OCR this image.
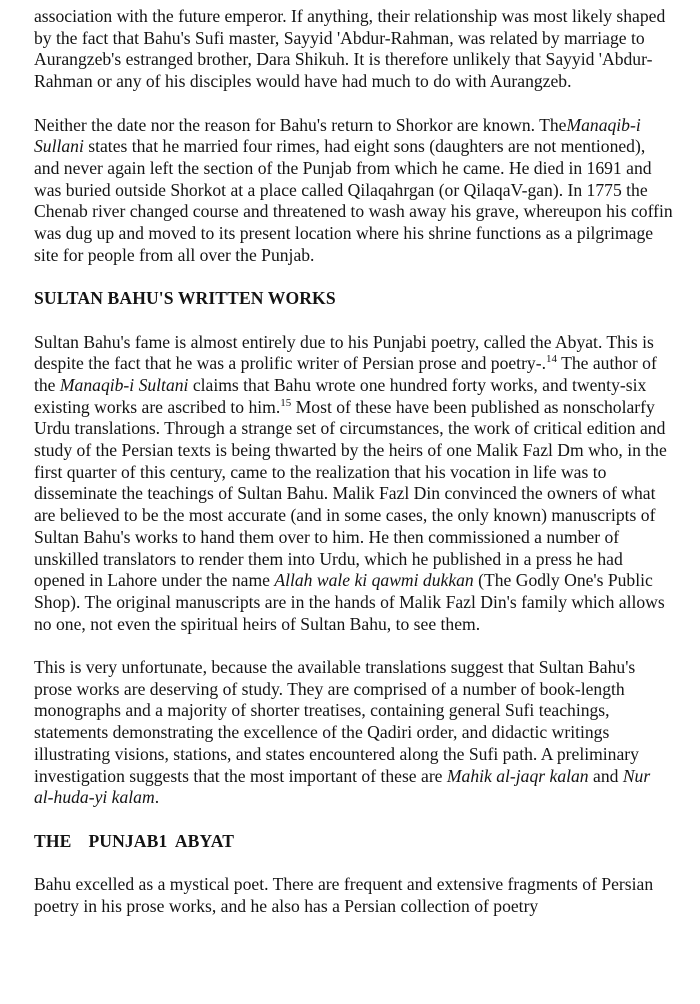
association with the future emperor. If anything, their relationship was most likely shaped by the fact that Bahu's Sufi master, Sayyid 'Abdur-Rahman, was related by marriage to Aurangzeb's estranged brother, Dara Shikuh. It is therefore unlikely that Sayyid 'Abdur-Rahman or any of his disciples would have had much to do with Aurangzeb.

Neither the date nor the reason for Bahu's return to Shorkor are known. TheManaqib-i Sullani states that he married four rimes, had eight sons (daughters are not mentioned), and never again left the section of the Punjab from which he came. He died in 1691 and was buried outside Shorkot at a place called Qilaqahrgan (or QilaqaV-gan). In 1775 the Chenab river changed course and threatened to wash away his grave, whereupon his coffin was dug up and moved to its present location where his shrine functions as a pilgrimage site for people from all over the Punjab.

SULTAN BAHU'S WRITTEN WORKS

Sultan Bahu's fame is almost entirely due to his Punjabi poetry, called the Abyat. This is despite the fact that he was a prolific writer of Persian prose and poetry-.$^{14}$ The author of the Manaqib-i Sultani claims that Bahu wrote one hundred forty works, and twenty-six existing works are ascribed to him.$^{15}$ Most of these have been published as nonscholarfy Urdu translations. Through a strange set of circumstances, the work of critical edition and study of the Persian texts is being thwarted by the heirs of one Malik Fazl Dm who, in the first quarter of this century, came to the realization that his vocation in life was to disseminate the teachings of Sultan Bahu. Malik Fazl Din convinced the owners of what are believed to be the most accurate (and in some cases, the only known) manuscripts of Sultan Bahu's works to hand them over to him. He then commissioned a number of unskilled translators to render them into Urdu, which he published in a press he had opened in Lahore under the name Allah wale ki qawmi dukkan (The Godly One's Public Shop). The original manuscripts are in the hands of Malik Fazl Din's family which allows no one, not even the spiritual heirs of Sultan Bahu, to see them.

This is very unfortunate, because the available translations suggest that Sultan Bahu's prose works are deserving of study. They are comprised of a number of book-length monographs and a majority of shorter treatises, containing general Sufi teachings, statements demonstrating the excellence of the Qadiri order, and didactic writings illustrating visions, stations, and states encountered along the Sufi path. A preliminary investigation suggests that the most important of these are Mahik al-jaqr kalan and Nur al-huda-yi kalam.

THE  PUNJAB1 ABYAT

Bahu excelled as a mystical poet. There are frequent and extensive fragments of Persian poetry in his prose works, and he also has a Persian collection of poetry
